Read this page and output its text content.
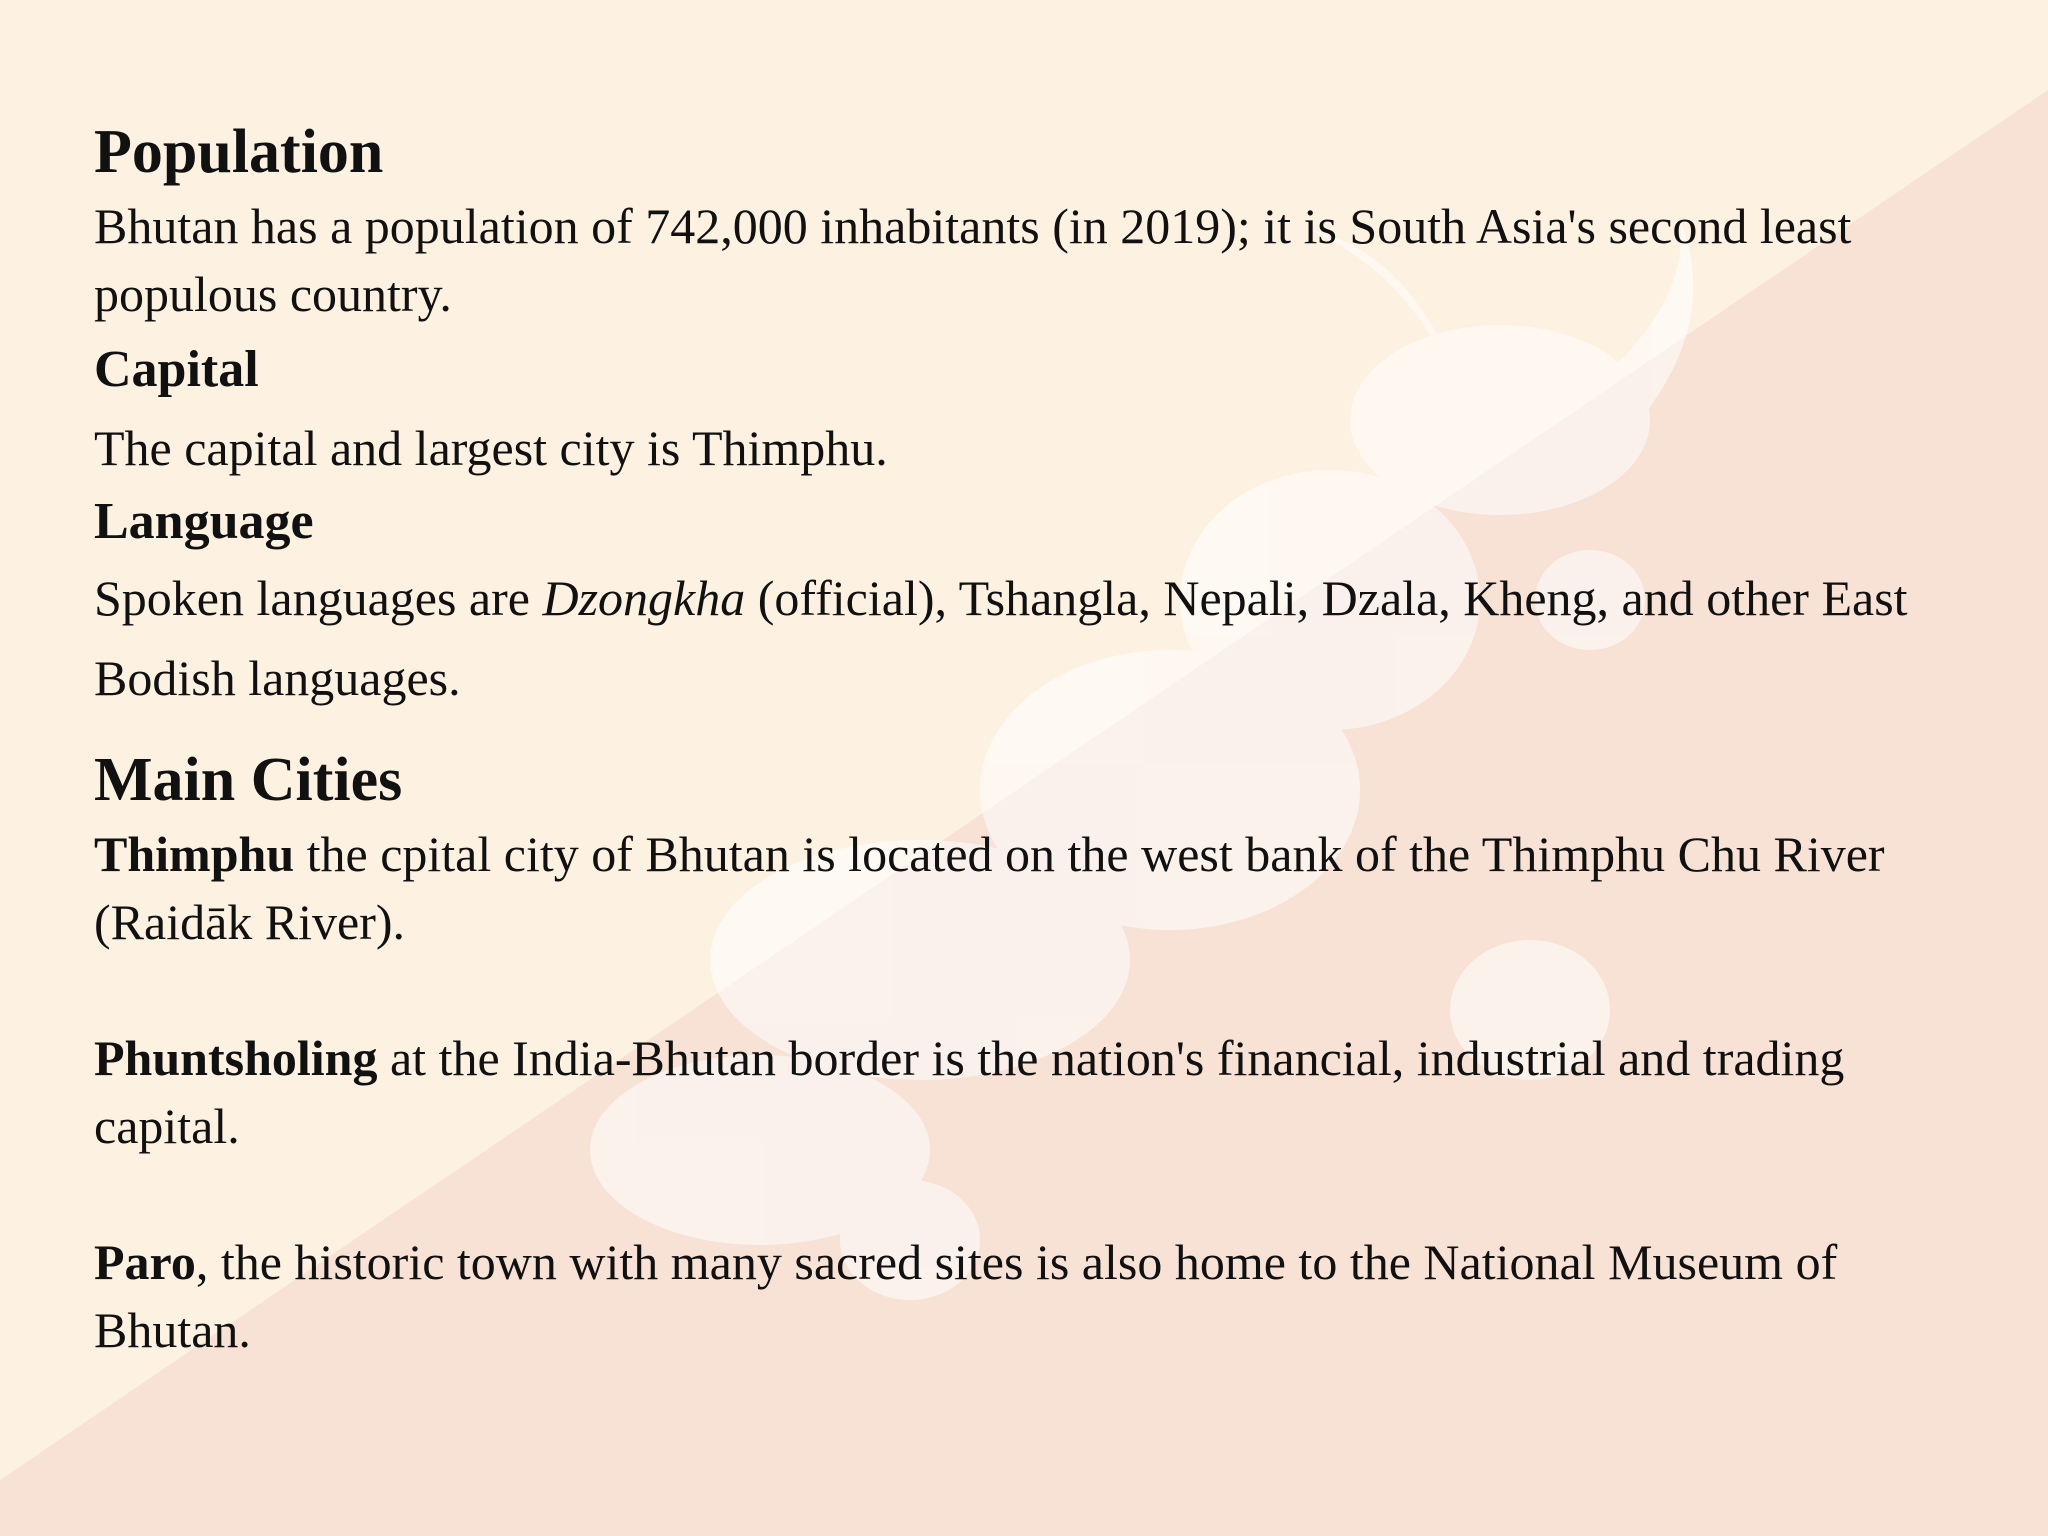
Population

Bhutan has a population of 742,000 inhabitants (in 2019); it is South Asia's second least populous country.

Capital

The capital and largest city is Thimphu.

Language

Spoken languages are Dzongkha (official), Tshangla, Nepali, Dzala, Kheng, and other East Bodish languages.

Main Cities

Thimphu the cpital city of Bhutan is located on the west bank of the Thimphu Chu River (Raidāk River).

Phuntsholing at the India-Bhutan border is the nation's financial, industrial and trading capital.

Paro, the historic town with many sacred sites is also home to the National Museum of Bhutan.
